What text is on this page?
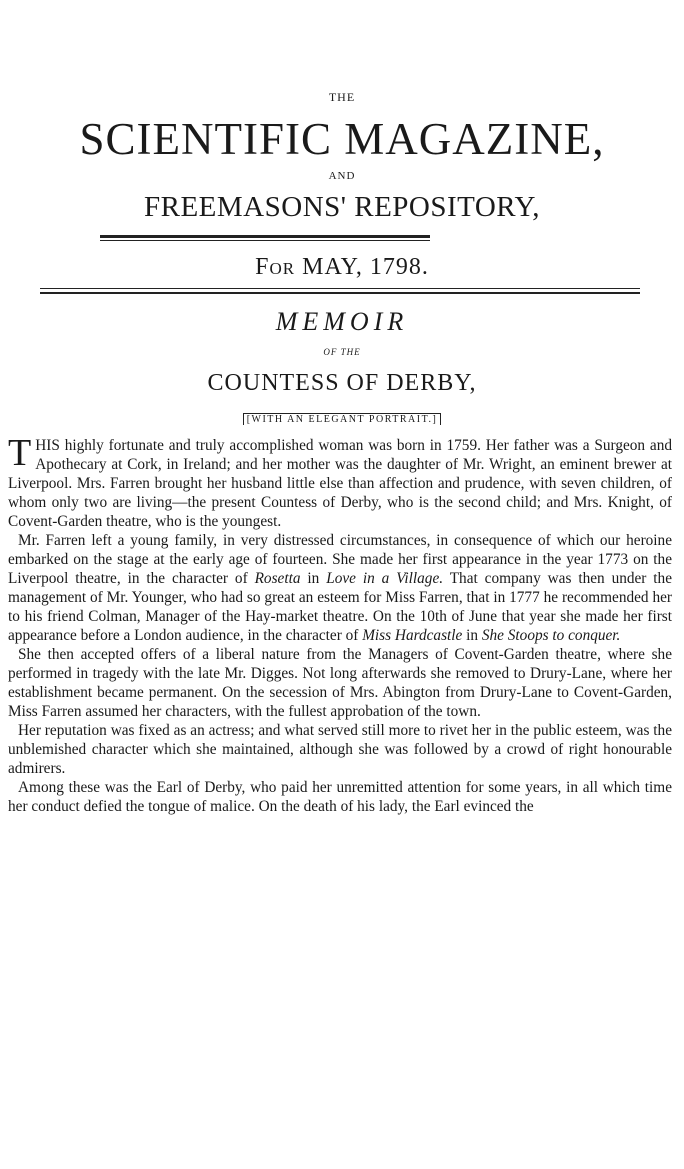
THE
SCIENTIFIC MAGAZINE,
AND
FREEMASONS' REPOSITORY,
For MAY, 1798.
MEMOIR
OF THE
COUNTESS OF DERBY,
[WITH AN ELEGANT PORTRAIT.]

THIS highly fortunate and truly accomplished woman was born in 1759. Her father was a Surgeon and Apothecary at Cork, in Ireland; and her mother was the daughter of Mr. Wright, an eminent brewer at Liverpool. Mrs. Farren brought her husband little else than affection and prudence, with seven children, of whom only two are living—the present Countess of Derby, who is the second child; and Mrs. Knight, of Covent-Garden theatre, who is the youngest.

Mr. Farren left a young family, in very distressed circumstances, in consequence of which our heroine embarked on the stage at the early age of fourteen. She made her first appearance in the year 1773 on the Liverpool theatre, in the character of Rosetta in Love in a Village. That company was then under the management of Mr. Younger, who had so great an esteem for Miss Farren, that in 1777 he recommended her to his friend Colman, Manager of the Hay-market theatre. On the 10th of June that year she made her first appearance before a London audience, in the character of Miss Hardcastle in She Stoops to conquer.

She then accepted offers of a liberal nature from the Managers of Covent-Garden theatre, where she performed in tragedy with the late Mr. Digges. Not long afterwards she removed to Drury-Lane, where her establishment became permanent. On the secession of Mrs. Abington from Drury-Lane to Covent-Garden, Miss Farren assumed her characters, with the fullest approbation of the town.

Her reputation was fixed as an actress; and what served still more to rivet her in the public esteem, was the unblemished character which she maintained, although she was followed by a crowd of right honourable admirers.

Among these was the Earl of Derby, who paid her unremitted attention for some years, in all which time her conduct defied the tongue of malice. On the death of his lady, the Earl evinced the
